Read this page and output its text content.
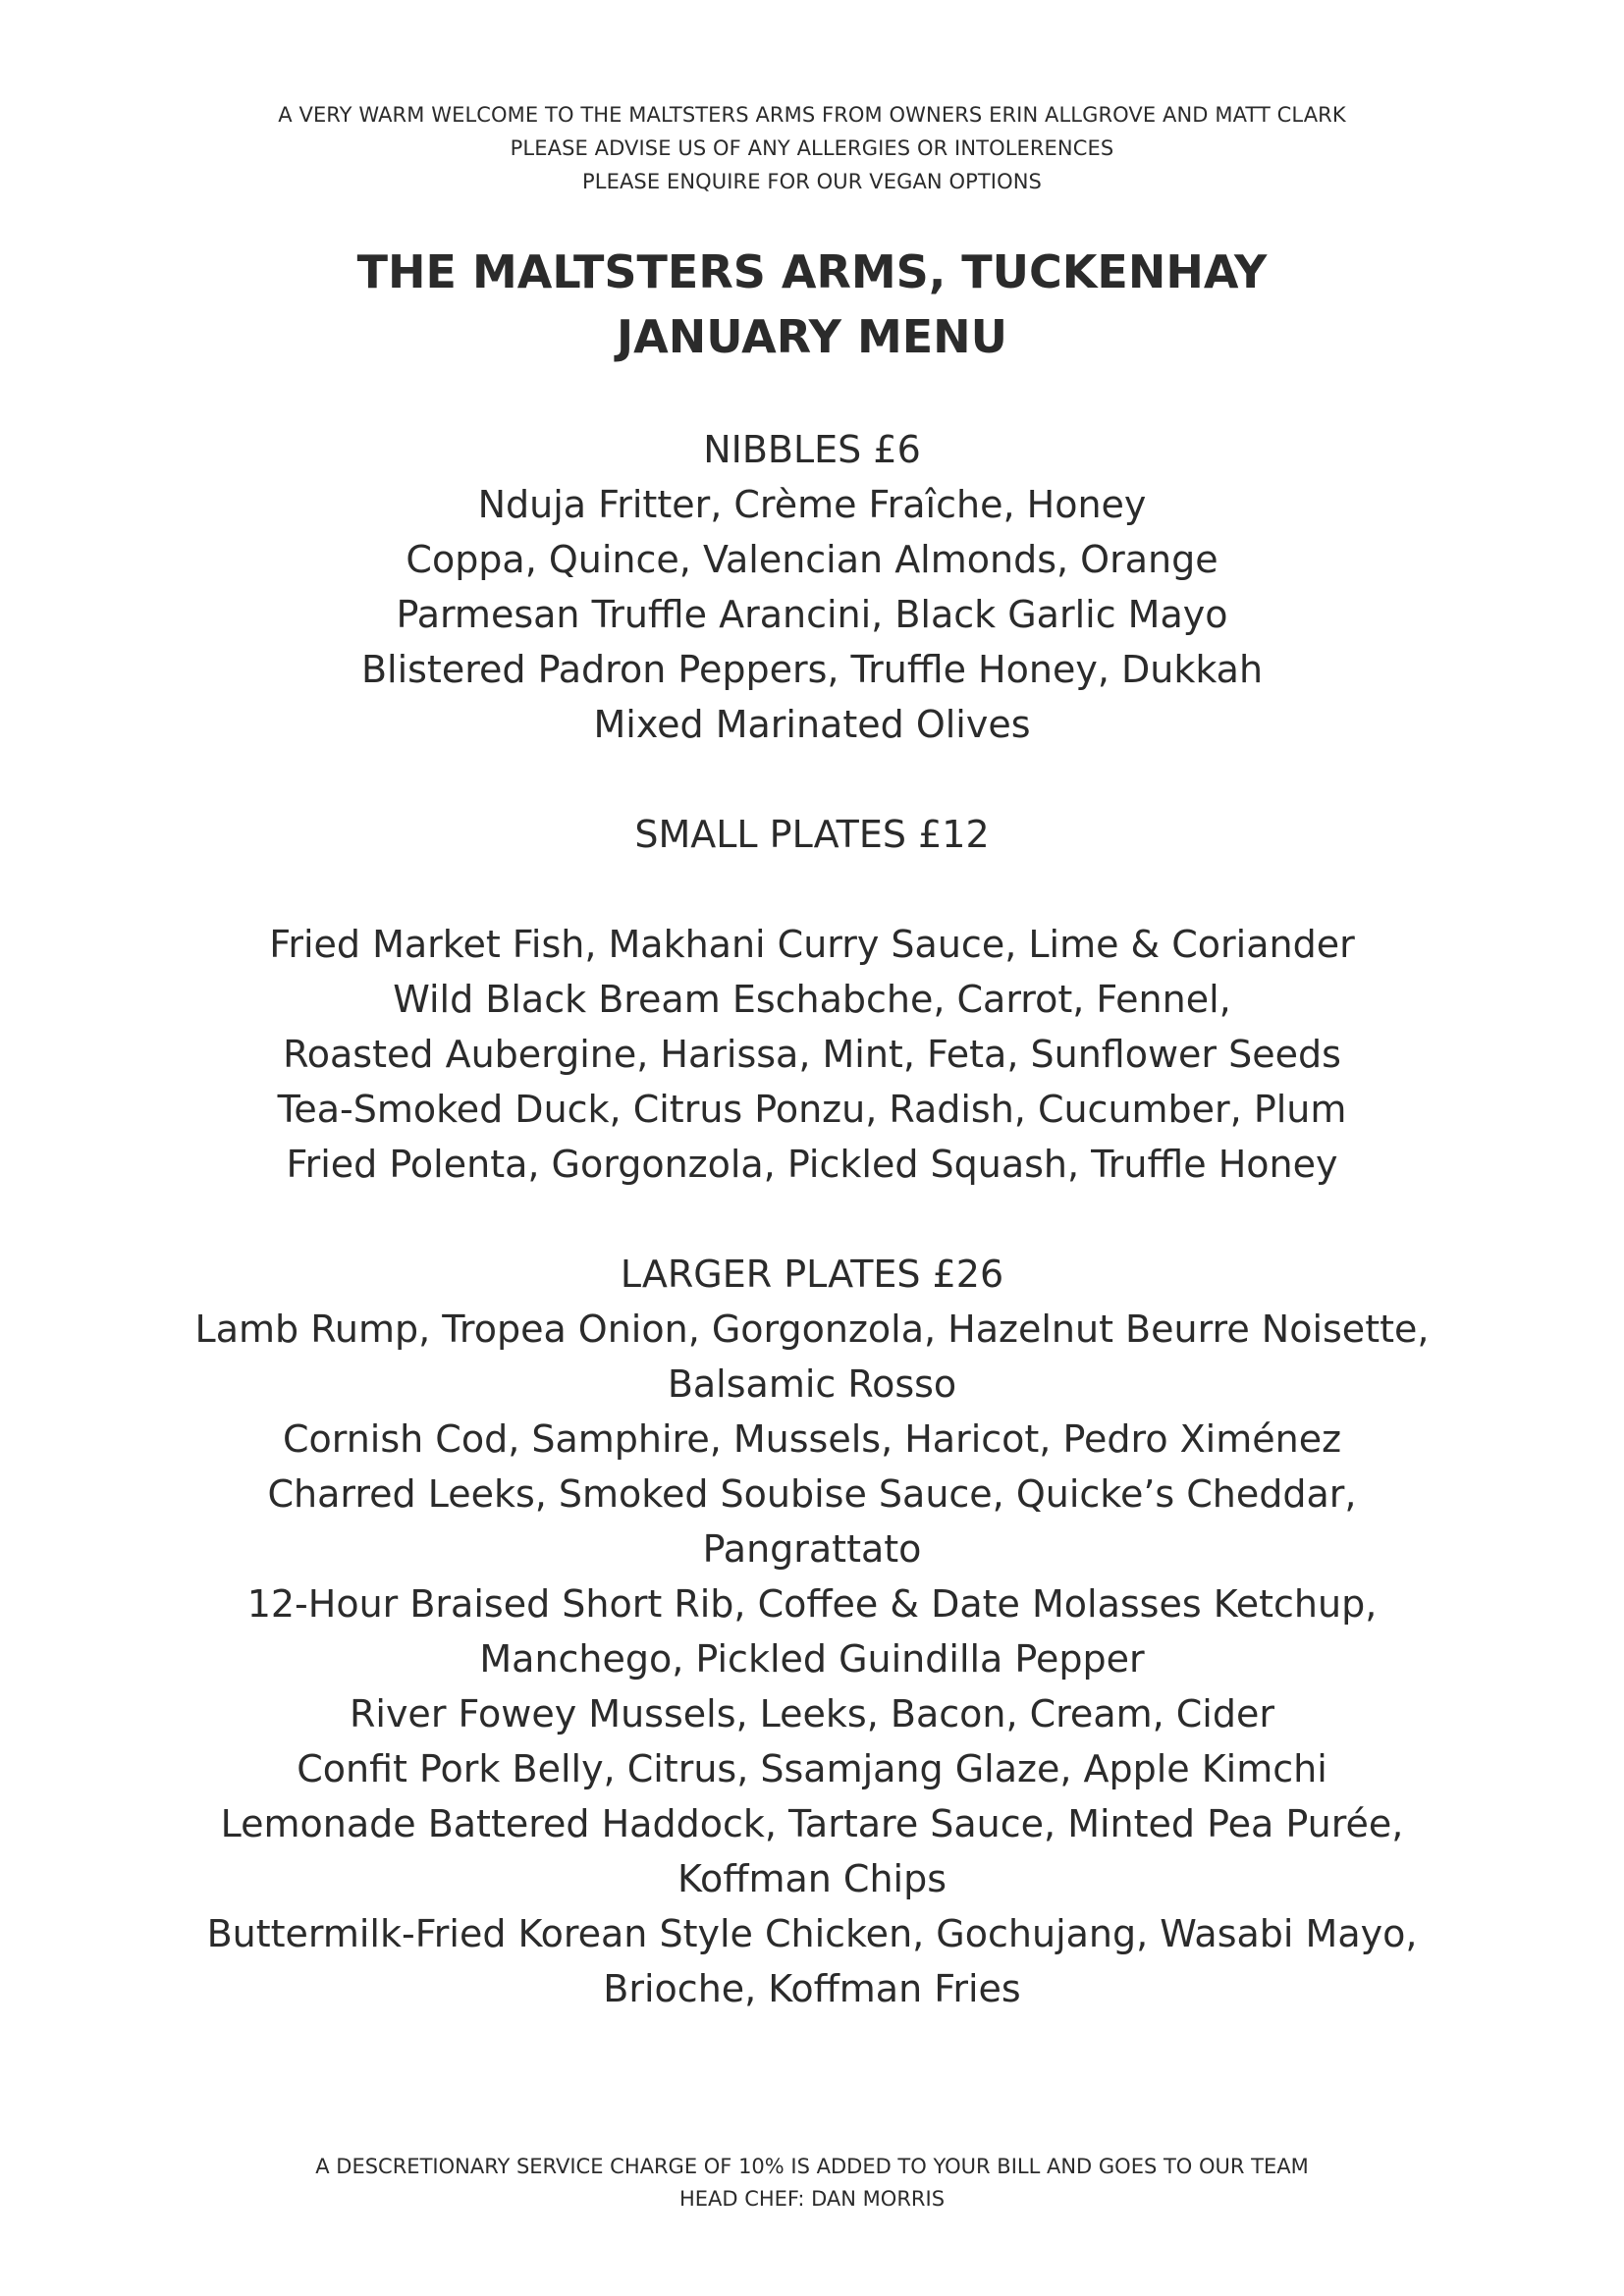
A VERY WARM WELCOME TO THE MALTSTERS ARMS FROM OWNERS ERIN ALLGROVE AND MATT CLARK
PLEASE ADVISE US OF ANY ALLERGIES OR INTOLERENCES
PLEASE ENQUIRE FOR OUR VEGAN OPTIONS
THE MALTSTERS ARMS, TUCKENHAY
JANUARY MENU
NIBBLES £6
Nduja Fritter, Crème Fraîche, Honey
Coppa, Quince, Valencian Almonds, Orange
Parmesan Truffle Arancini, Black Garlic Mayo
Blistered Padron Peppers, Truffle Honey, Dukkah
Mixed Marinated Olives
SMALL PLATES £12
Fried Market Fish, Makhani Curry Sauce, Lime & Coriander
Wild Black Bream Eschabche, Carrot, Fennel,
Roasted Aubergine, Harissa, Mint, Feta, Sunflower Seeds
Tea-Smoked Duck, Citrus Ponzu, Radish, Cucumber, Plum
Fried Polenta, Gorgonzola, Pickled Squash, Truffle Honey
LARGER PLATES £26
Lamb Rump, Tropea Onion, Gorgonzola, Hazelnut Beurre Noisette,
Balsamic Rosso
Cornish Cod, Samphire, Mussels, Haricot, Pedro Ximénez
Charred Leeks, Smoked Soubise Sauce, Quicke’s Cheddar,
Pangrattato
12-Hour Braised Short Rib, Coffee & Date Molasses Ketchup,
Manchego, Pickled Guindilla Pepper
River Fowey Mussels, Leeks, Bacon, Cream, Cider
Confit Pork Belly, Citrus, Ssamjang Glaze, Apple Kimchi
Lemonade Battered Haddock, Tartare Sauce, Minted Pea Purée,
Koffman Chips
Buttermilk-Fried Korean Style Chicken, Gochujang, Wasabi Mayo,
Brioche, Koffman Fries
A DESCRETIONARY SERVICE CHARGE OF 10% IS ADDED TO YOUR BILL AND GOES TO OUR TEAM
HEAD CHEF: DAN MORRIS
